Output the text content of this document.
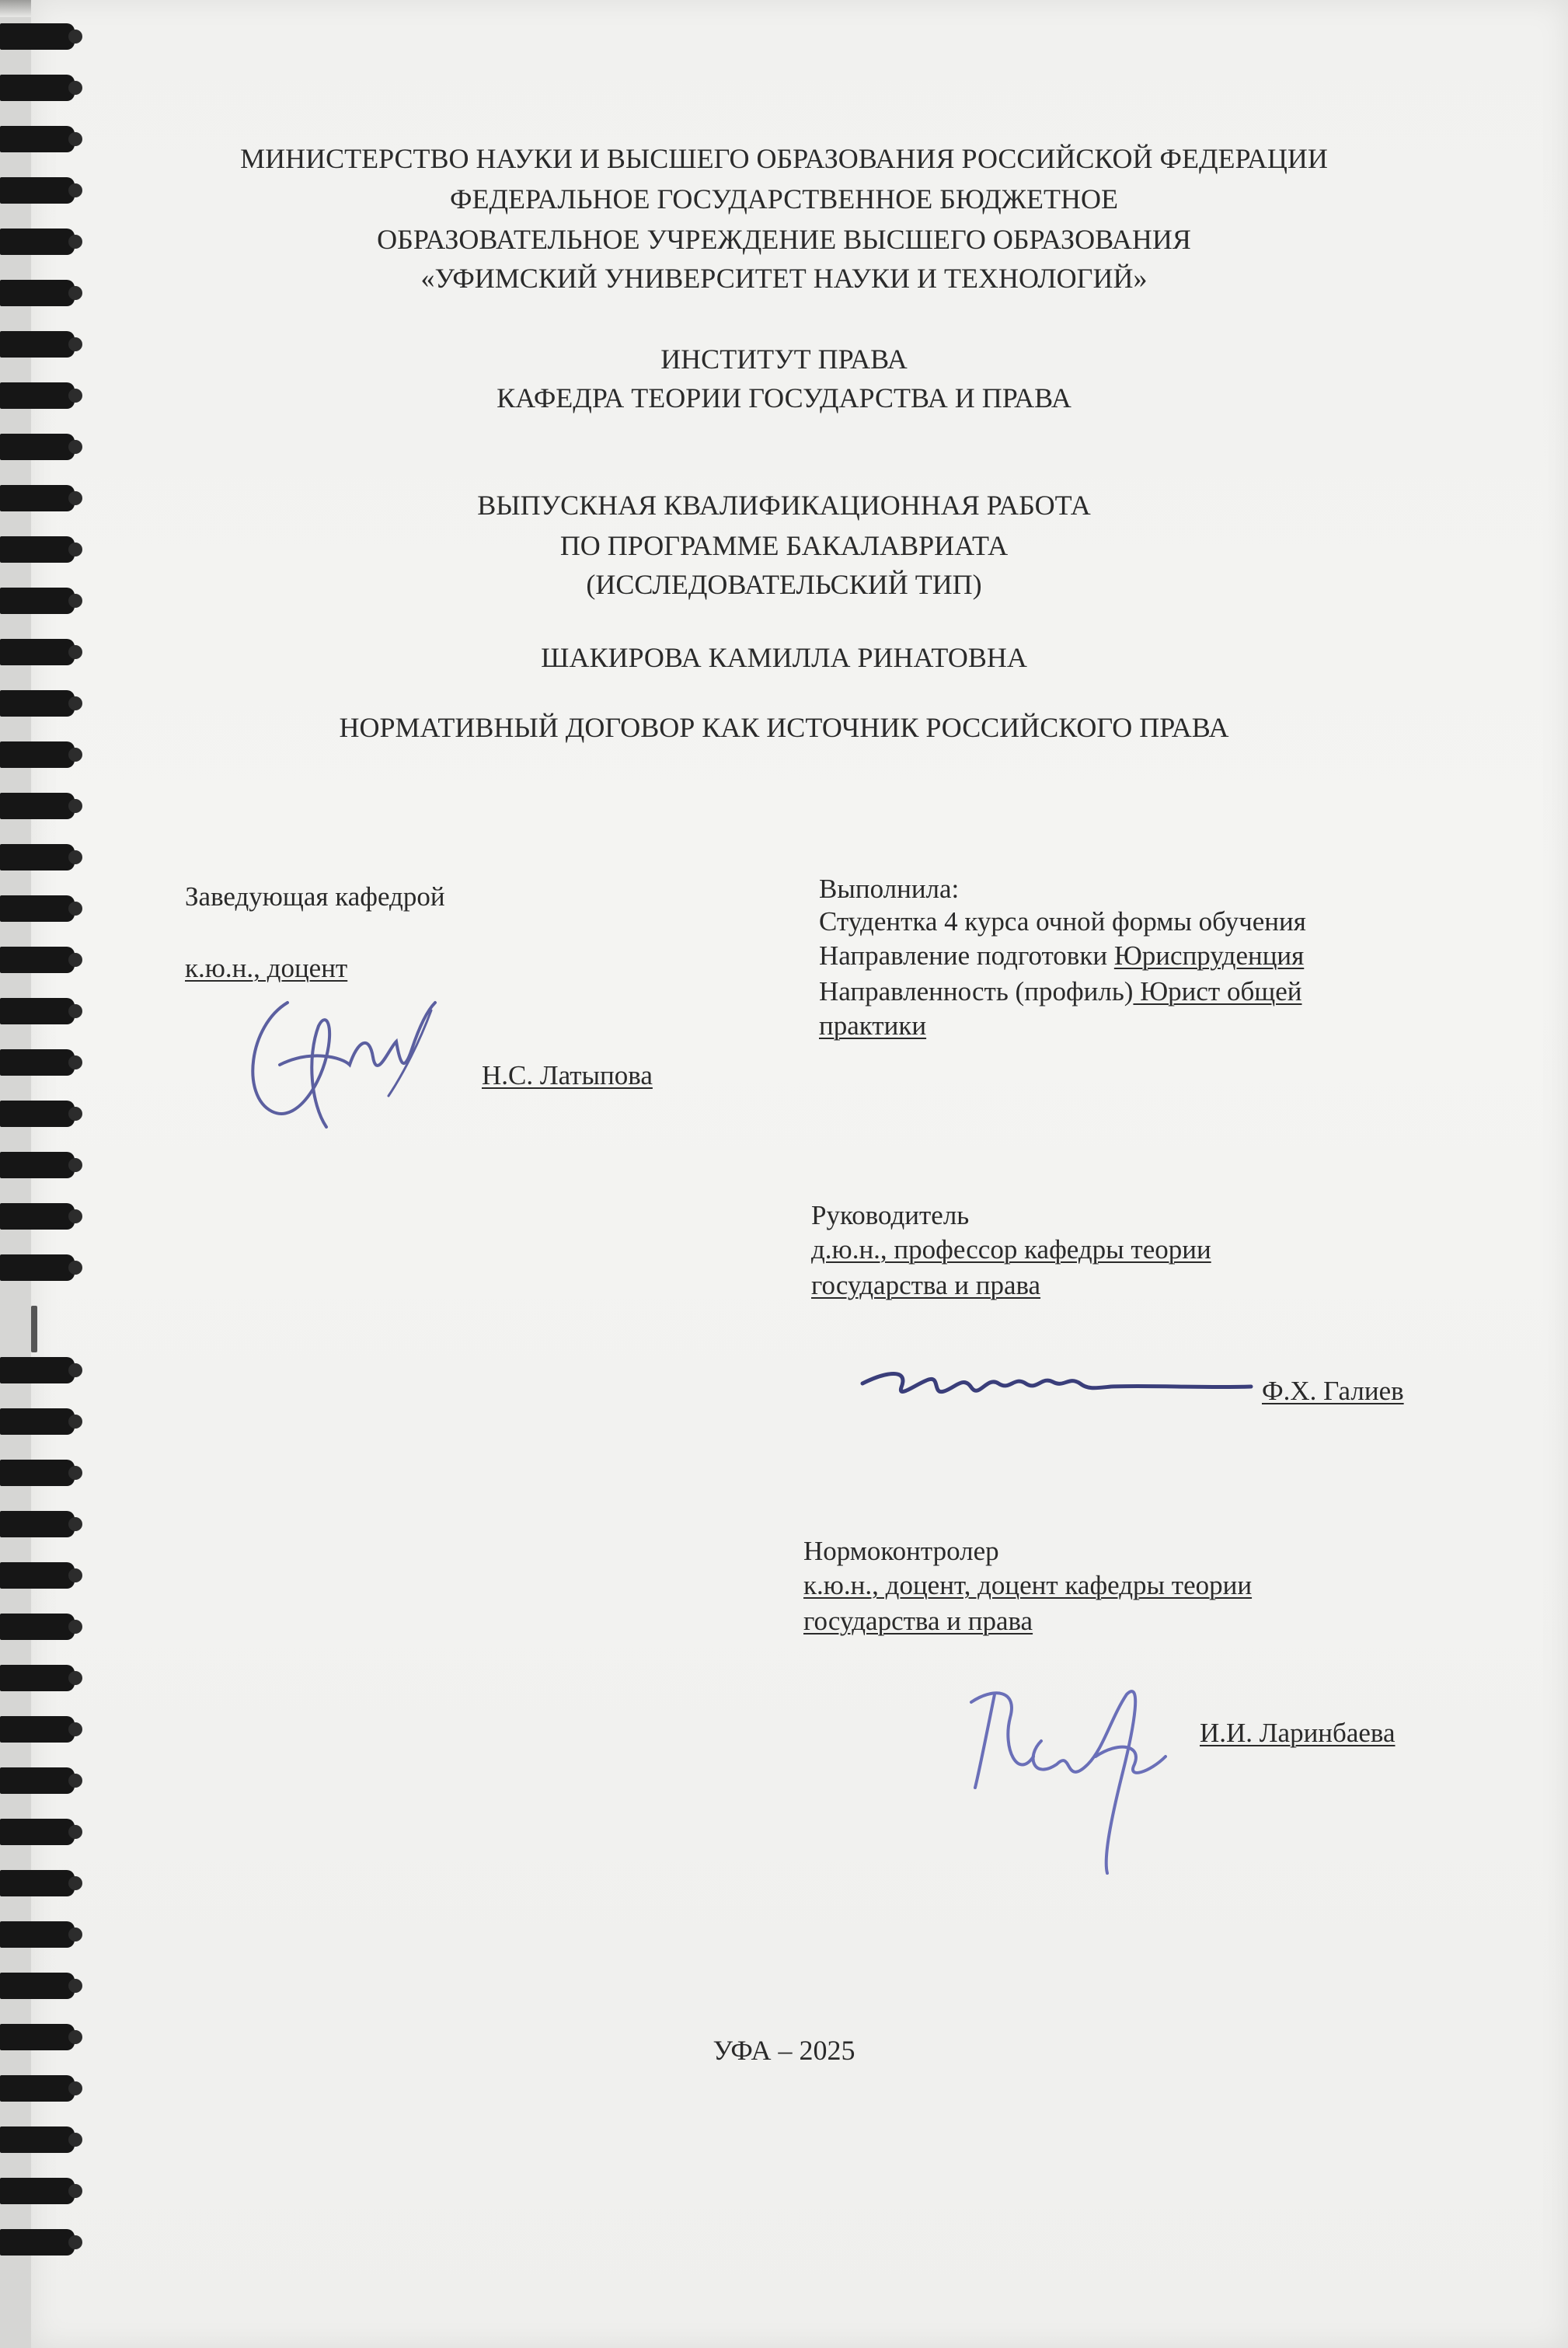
МИНИСТЕРСТВО НАУКИ И ВЫСШЕГО ОБРАЗОВАНИЯ РОССИЙСКОЙ ФЕДЕРАЦИИ
ФЕДЕРАЛЬНОЕ ГОСУДАРСТВЕННОЕ БЮДЖЕТНОЕ
ОБРАЗОВАТЕЛЬНОЕ УЧРЕЖДЕНИЕ ВЫСШЕГО ОБРАЗОВАНИЯ
«УФИМСКИЙ УНИВЕРСИТЕТ НАУКИ И ТЕХНОЛОГИЙ»
ИНСТИТУТ ПРАВА
КАФЕДРА ТЕОРИИ ГОСУДАРСТВА И ПРАВА
ВЫПУСКНАЯ КВАЛИФИКАЦИОННАЯ РАБОТА
ПО ПРОГРАММЕ БАКАЛАВРИАТА
(ИССЛЕДОВАТЕЛЬСКИЙ ТИП)
ШАКИРОВА КАМИЛЛА РИНАТОВНА
НОРМАТИВНЫЙ ДОГОВОР КАК ИСТОЧНИК РОССИЙСКОГО ПРАВА
Заведующая кафедрой
к.ю.н., доцент
Н.С. Латыпова
Выполнила:
Студентка 4 курса очной формы обучения
Направление подготовки Юриспруденция
Направленность (профиль) Юрист общей
практики
Руководитель
д.ю.н., профессор кафедры теории
государства и права
Ф.Х. Галиев
Нормоконтролер
к.ю.н., доцент, доцент кафедры теории
государства и права
И.И. Ларинбаева
УФА – 2025
